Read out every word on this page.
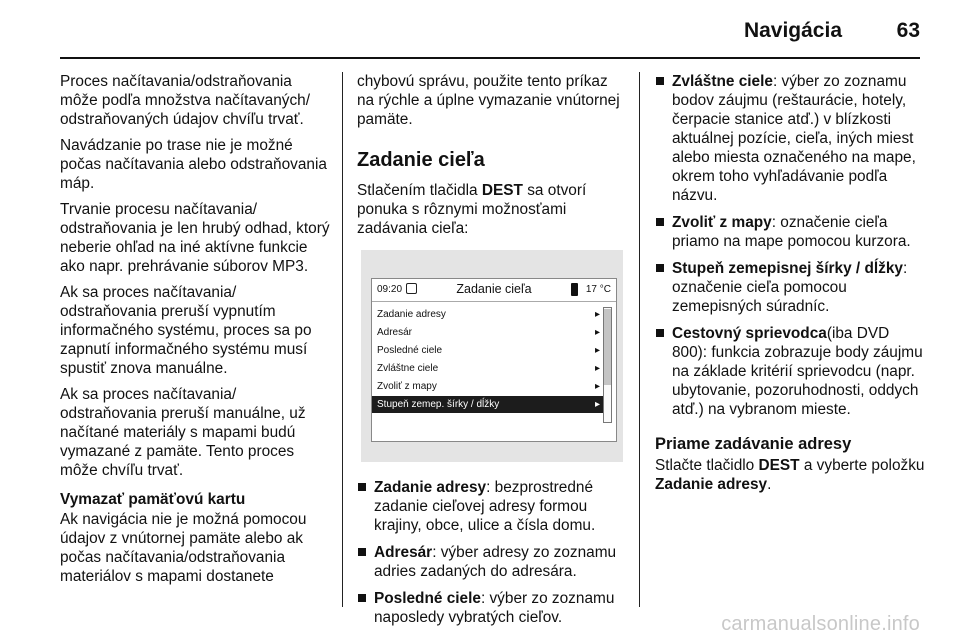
Navigácia	63

Proces načítavania/odstraňovania môže podľa množstva načítavaných/ odstraňovaných údajov chvíľu trvať.

Navádzanie po trase nie je možné počas načítavania alebo odstraňovania máp.

Trvanie procesu načítavania/ odstraňovania je len hrubý odhad, ktorý neberie ohľad na iné aktívne funkcie ako napr. prehrávanie súborov MP3.

Ak sa proces načítavania/ odstraňovania preruší vypnutím informačného systému, proces sa po zapnutí informačného systému musí spustiť znova manuálne.

Ak sa proces načítavania/ odstraňovania preruší manuálne, už načítané materiály s mapami budú vymazané z pamäte. Tento proces môže chvíľu trvať.

Vymazať pamäťovú kartu

Ak navigácia nie je možná pomocou údajov z vnútornej pamäte alebo ak počas načítavania/odstraňovania materiálov s mapami dostanete

chybovú správu, použite tento príkaz na rýchle a úplne vymazanie vnútornej pamäte.

Zadanie cieľa

Stlačením tlačidla DEST sa otvorí ponuka s rôznymi možnosťami zadávania cieľa:

09:20	Zadanie cieľa	17 °C
Zadanie adresy	▸
Adresár	▸
Posledné ciele	▸
Zvláštne ciele	▸
Zvoliť z mapy	▸
Stupeň zemep. šírky / dĺžky	▸
Zadanie adresy: bezprostredné zadanie cieľovej adresy formou krajiny, obce, ulice a čísla domu.
Adresár: výber adresy zo zoznamu adries zadaných do adresára.
Posledné ciele: výber zo zoznamu naposledy vybratých cieľov.
Zvláštne ciele: výber zo zoznamu bodov záujmu (reštaurácie, hotely, čerpacie stanice atď.) v blízkosti aktuálnej pozície, cieľa, iných miest alebo miesta označeného na mape, okrem toho vyhľadávanie podľa názvu.
Zvoliť z mapy: označenie cieľa priamo na mape pomocou kurzora.
Stupeň zemepisnej šírky / dĺžky: označenie cieľa pomocou zemepisných súradníc.
Cestovný sprievodca(iba DVD 800): funkcia zobrazuje body záujmu na základe kritérií sprievodcu (napr. ubytovanie, pozoruhodnosti, oddych atď.) na vybranom mieste.
Priame zadávanie adresy

Stlačte tlačidlo DEST a vyberte položku Zadanie adresy.

carmanualsonline.info
